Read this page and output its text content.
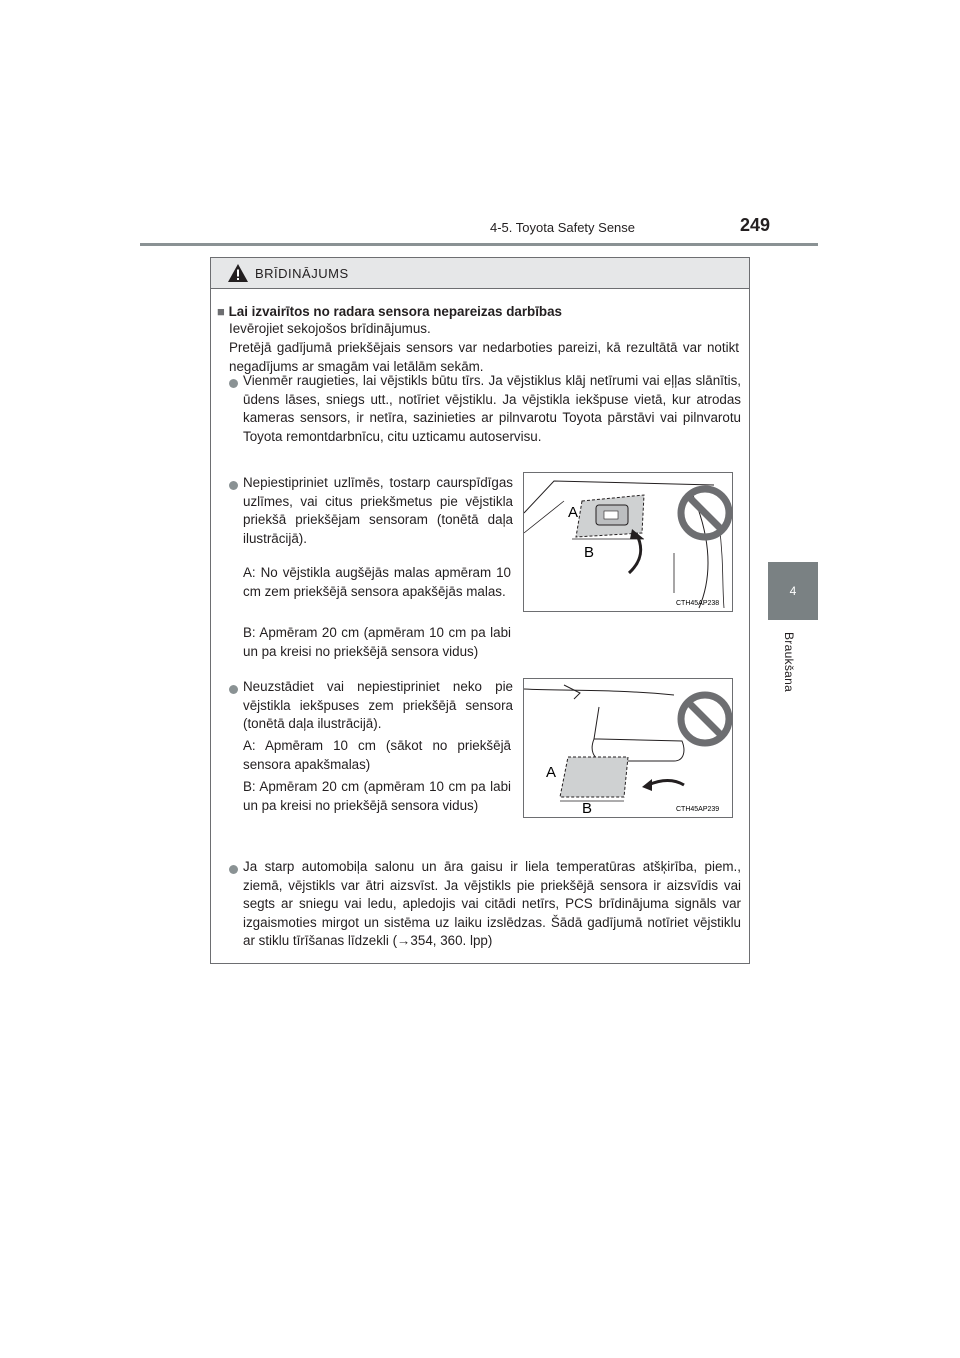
4-5. Toyota Safety Sense	249
4
Braukšana
BRĪDINĀJUMS
■ Lai izvairītos no radara sensora nepareizas darbības
Ievērojiet sekojošos brīdinājumus.
Pretējā gadījumā priekšējais sensors var nedarboties pareizi, kā rezultātā var notikt negadījums ar smagām vai letālām sekām.
Vienmēr raugieties, lai vējstikls būtu tīrs. Ja vējstiklus klāj netīrumi vai eļļas slānītis, ūdens lāses, sniegs utt., notīriet vējstiklu. Ja vējstikla iekšpuse vietā, kur atrodas kameras sensors, ir netīra, sazinieties ar pilnvarotu Toyota pārstāvi vai pilnvarotu Toyota remontdarbnīcu, citu uzticamu autoservisu.
Nepiestipriniet uzlīmēs, tostarp caurspīdīgas uzlīmes, vai citus priekšmetus pie vējstikla priekšā priekšējam sensoram (tonētā daļa ilustrācijā).
A: No vējstikla augšējās malas apmēram 10 cm zem priekšējā sensora apakšējās malas.
B: Apmēram 20 cm (apmēram 10 cm pa labi un pa kreisi no priekšējā sensora vidus)
Neuzstādiet vai nepiestipriniet neko pie vējstikla iekšpuses zem priekšējā sensora (tonētā daļa ilustrācijā).
A: Apmēram 10 cm (sākot no priekšējā sensora apakšmalas)
B: Apmēram 20 cm (apmēram 10 cm pa labi un pa kreisi no priekšējā sensora vidus)
Ja starp automobiļa salonu un āra gaisu ir liela temperatūras atšķirība, piem., ziemā, vējstikls var ātri aizsvīst. Ja vējstikls pie priekšējā sensora ir aizsvīdis vai segts ar sniegu vai ledu, apledojis vai citādi netīrs, PCS brīdinājuma signāls var izgaismoties mirgot un sistēma uz laiku izslēdzas. Šādā gadījumā notīriet vējstiklu ar stiklu tīrīšanas līdzekli (→354, 360. lpp)
A
B
CTH45AP238
A
B	CTH45AP239
